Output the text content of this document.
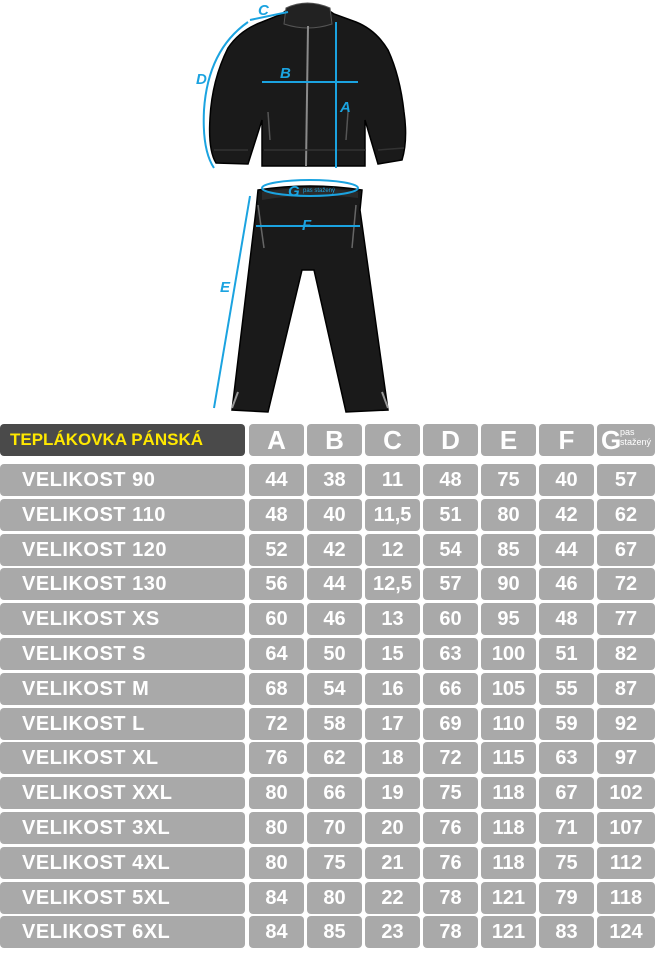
C
D	B
A
G
F
E
pas stažený
TEPLÁKOVKA PÁNSKÁ	A	B	C	D	E	F	G
pas
stažený
VELIKOST 90	44	38	11	48	75	40	57
VELIKOST 110	48	40	11,5	51	80	42	62
VELIKOST 120	52	42	12	54	85	44	67
VELIKOST 130	56	44	12,5	57	90	46	72
VELIKOST XS	60	46	13	60	95	48	77
VELIKOST S	64	50	15	63	100	51	82
VELIKOST M	68	54	16	66	105	55	87
VELIKOST L	72	58	17	69	110	59	92
VELIKOST XL	76	62	18	72	115	63	97
VELIKOST XXL	80	66	19	75	118	67	102
VELIKOST 3XL	80	70	20	76	118	71	107
VELIKOST 4XL	80	75	21	76	118	75	112
VELIKOST 5XL	84	80	22	78	121	79	118
VELIKOST 6XL	84	85	23	78	121	83	124
